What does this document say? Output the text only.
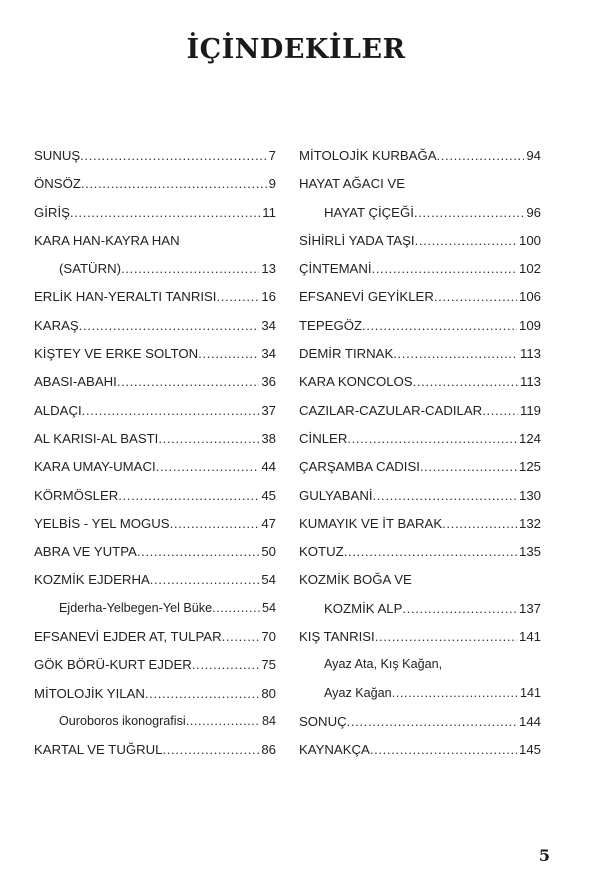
İÇİNDEKİLER
SUNUŞ .....	7
ÖNSÖZ .....	9
GİRİŞ .....	11
KARA HAN-KAYRA HAN
(SATÜRN) .....	13
ERLİK HAN-YERALTI TANRISI .....	16
KARAŞ .....	34
KİŞTEY VE ERKE SOLTON .....	34
ABASI-ABAHI .....	36
ALDAÇI .....	37
AL KARISI-AL BASTI .....	38
KARA UMAY-UMACI .....	44
KÖRMÖSLER .....	45
YELBİS - YEL MOGUS .....	47
ABRA VE YUTPA .....	50
KOZMİK EJDERHA .....	54
Ejderha-Yelbegen-Yel Büke .....	54
EFSANEVİ EJDER AT, TULPAR .....	70
GÖK BÖRÜ-KURT EJDER .....	75
MİTOLOJİK YILAN .....	80
Ouroboros ikonografisi .....	84
KARTAL VE TUĞRUL .....	86
MİTOLOJİK KURBAĞA .....	94
HAYAT AĞACI VE
HAYAT ÇİÇEĞİ .....	96
SİHİRLİ YADA TAŞI .....	100
ÇİNTEMANİ .....	102
EFSANEVİ GEYİKLER .....	106
TEPEGÖZ .....	109
DEMİR TIRNAK .....	113
KARA KONCOLOS .....	113
CAZILAR-CAZULAR-CADILAR .....	119
CİNLER .....	124
ÇARŞAMBA CADISI .....	125
GULYABANİ .....	130
KUMAYIK VE İT BARAK .....	132
KOTUZ .....	135
KOZMİK BOĞA VE
KOZMİK ALP .....	137
KIŞ TANRISI .....	141
Ayaz Ata, Kış Kağan,
Ayaz Kağan .....	141
SONUÇ .....	144
KAYNAKÇA .....	145
5
